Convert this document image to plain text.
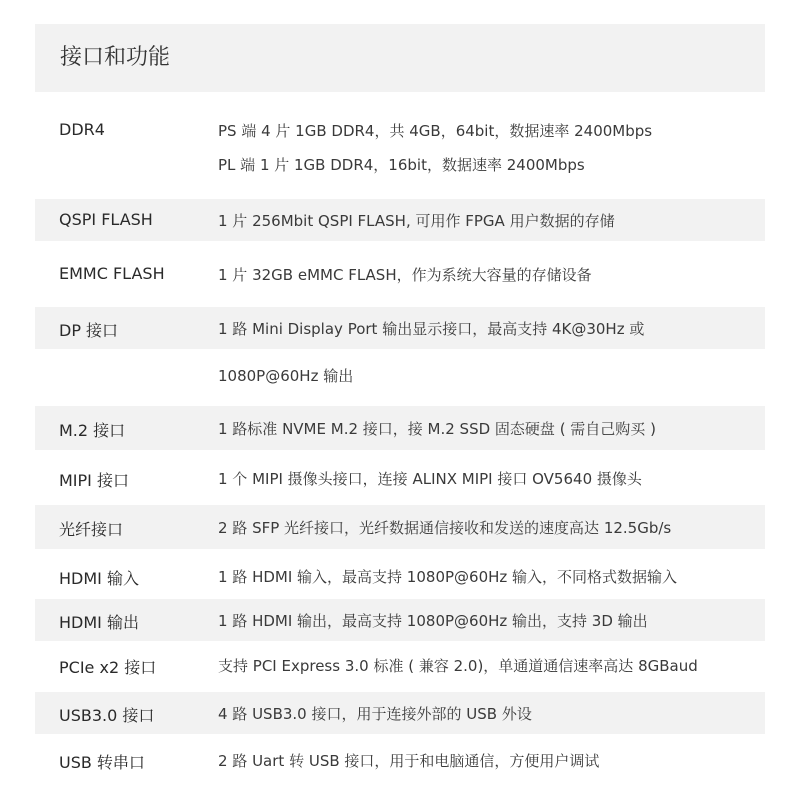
接口和功能
DDR4	PS 端 4 片 1GB DDR4，共 4GB，64bit，数据速率 2400Mbps
PL 端 1 片 1GB DDR4，16bit，数据速率 2400Mbps
QSPI FLASH	1 片 256Mbit QSPI FLASH, 可用作 FPGA 用户数据的存储
EMMC FLASH	1 片 32GB eMMC FLASH，作为系统大容量的存储设备
DP 接口	1 路 Mini Display Port 输出显示接口，最高支持 4K@30Hz 或
1080P@60Hz 输出
M.2 接口	1 路标准 NVME M.2 接口，接 M.2 SSD 固态硬盘 ( 需自己购买 )
MIPI 接口	1 个 MIPI 摄像头接口，连接 ALINX MIPI 接口 OV5640 摄像头
光纤接口	2 路 SFP 光纤接口，光纤数据通信接收和发送的速度高达 12.5Gb/s
HDMI 输入	1 路 HDMI 输入，最高支持 1080P@60Hz 输入，不同格式数据输入
HDMI 输出	1 路 HDMI 输出，最高支持 1080P@60Hz 输出，支持 3D 输出
PCIe x2 接口	支持 PCI Express 3.0 标准 ( 兼容 2.0)，单通道通信速率高达 8GBaud
USB3.0 接口	4 路 USB3.0 接口，用于连接外部的 USB 外设
USB 转串口	2 路 Uart 转 USB 接口，用于和电脑通信，方便用户调试
